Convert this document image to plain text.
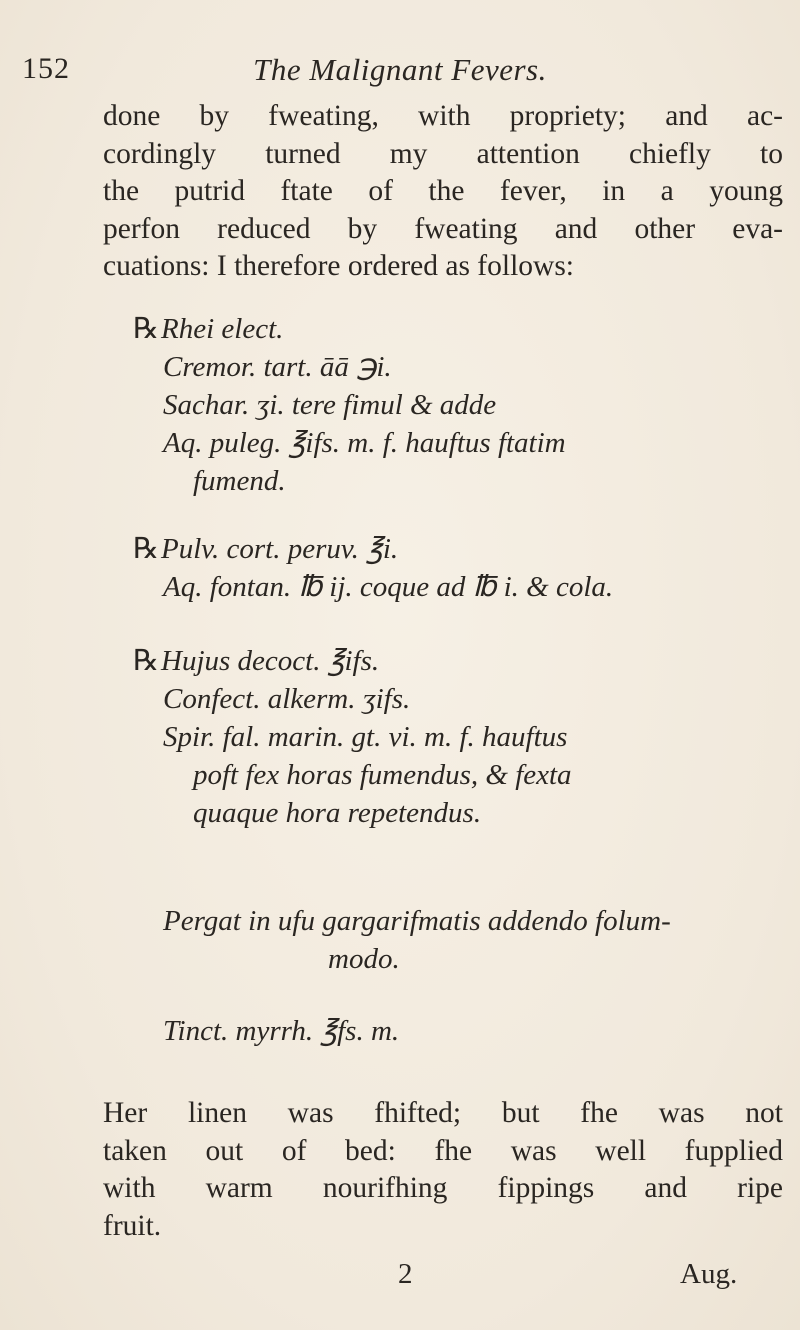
152	The Malignant Fevers.
done by fweating, with propriety; and ac-
cordingly turned my attention chiefly to
the putrid ftate of the fever, in a young
perfon reduced by fweating and other eva-
cuations: I therefore ordered as follows:
℞Rhei elect.
Cremor. tart. āā ℈i.
Sachar. ʒi. tere fimul & adde
Aq. puleg. ℥ifs. m. f. hauftus ftatim
fumend.
℞Pulv. cort. peruv. ℥i.
Aq. fontan. ℔ ij. coque ad ℔ i. & cola.
℞Hujus decoct. ℥ifs.
Confect. alkerm. ʒifs.
Spir. fal. marin. gt. vi. m. f. hauftus
poft fex horas fumendus, & fexta
quaque hora repetendus.
Pergat in ufu gargarifmatis addendo folum-
modo.
Tinct. myrrh. ℥fs. m.
Her linen was fhifted; but fhe was not
taken out of bed: fhe was well fupplied
with warm nourifhing fippings and ripe
fruit.
2	Aug.
